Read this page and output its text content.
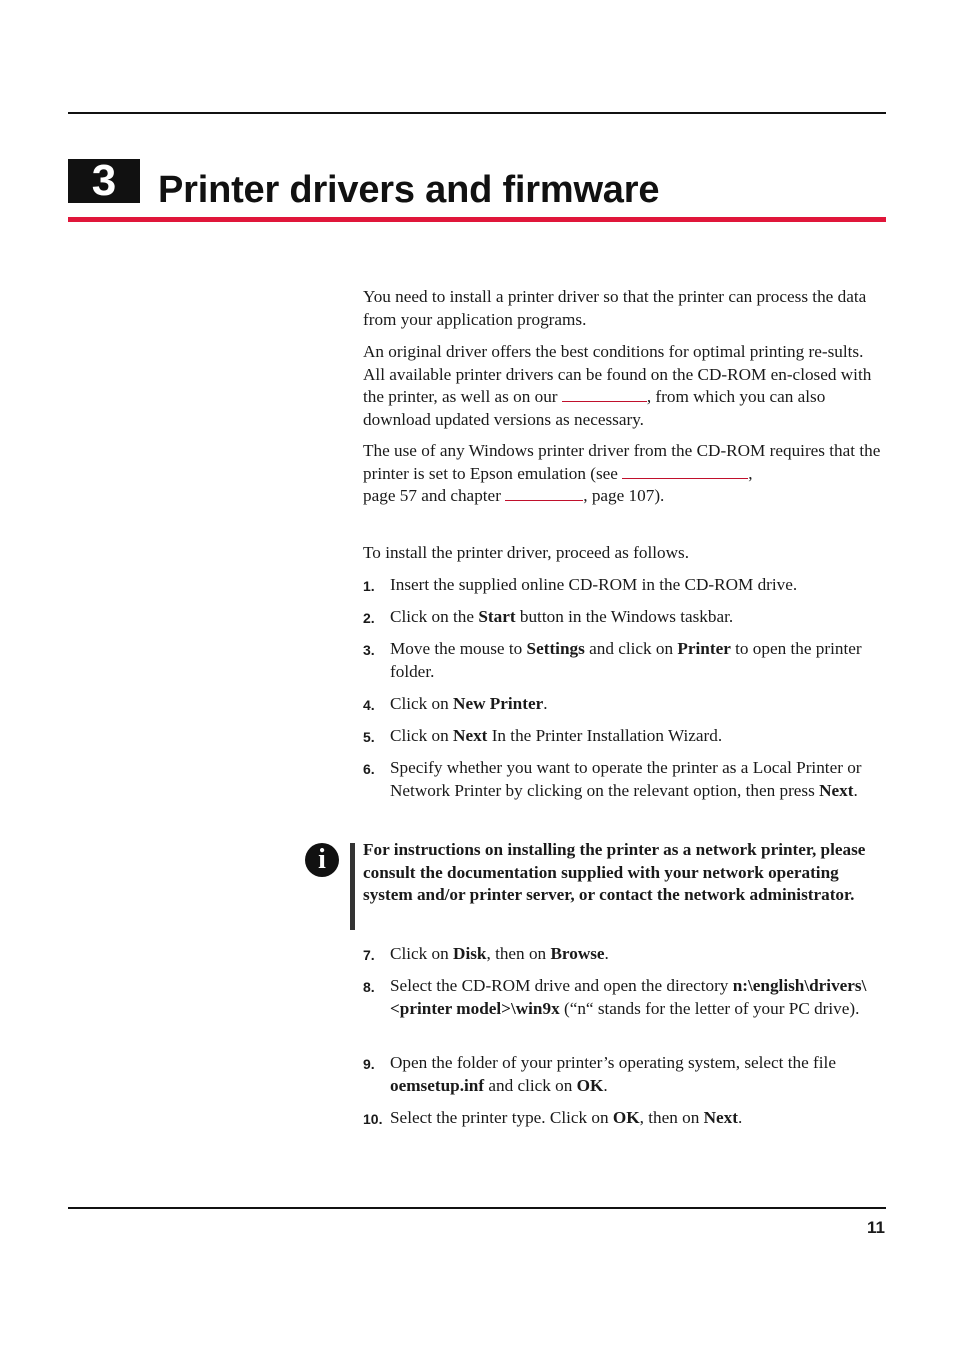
3	Printer drivers and firmware
You need to install a printer driver so that the printer can process the data from your application programs.
An original driver offers the best conditions for optimal printing re-sults. All available printer drivers can be found on the CD-ROM en-closed with the printer, as well as on our	, from which you can also download updated versions as necessary.
The use of any Windows printer driver from the CD-ROM requires that the printer is set to Epson emulation (see	,
page 57 and chapter	, page 107).
To install the printer driver, proceed as follows.
1. Insert the supplied online CD-ROM in the CD-ROM drive.
2. Click on the Start button in the Windows taskbar.
3. Move the mouse to Settings and click on Printer to open the printer folder.
4. Click on New Printer.
5. Click on Next In the Printer Installation Wizard.
6. Specify whether you want to operate the printer as a Local Printer or Network Printer by clicking on the relevant option, then press Next.
i	For instructions on installing the printer as a network printer, please consult the documentation supplied with your network operating system and/or printer server, or contact the network administrator.
7. Click on Disk, then on Browse.
8. Select the CD-ROM drive and open the directory n:\english\drivers\<printer model>\win9x (“n“ stands for the letter of your PC drive).
9. Open the folder of your printer’s operating system, select the file oemsetup.inf and click on OK.
10. Select the printer type. Click on OK, then on Next.
11
